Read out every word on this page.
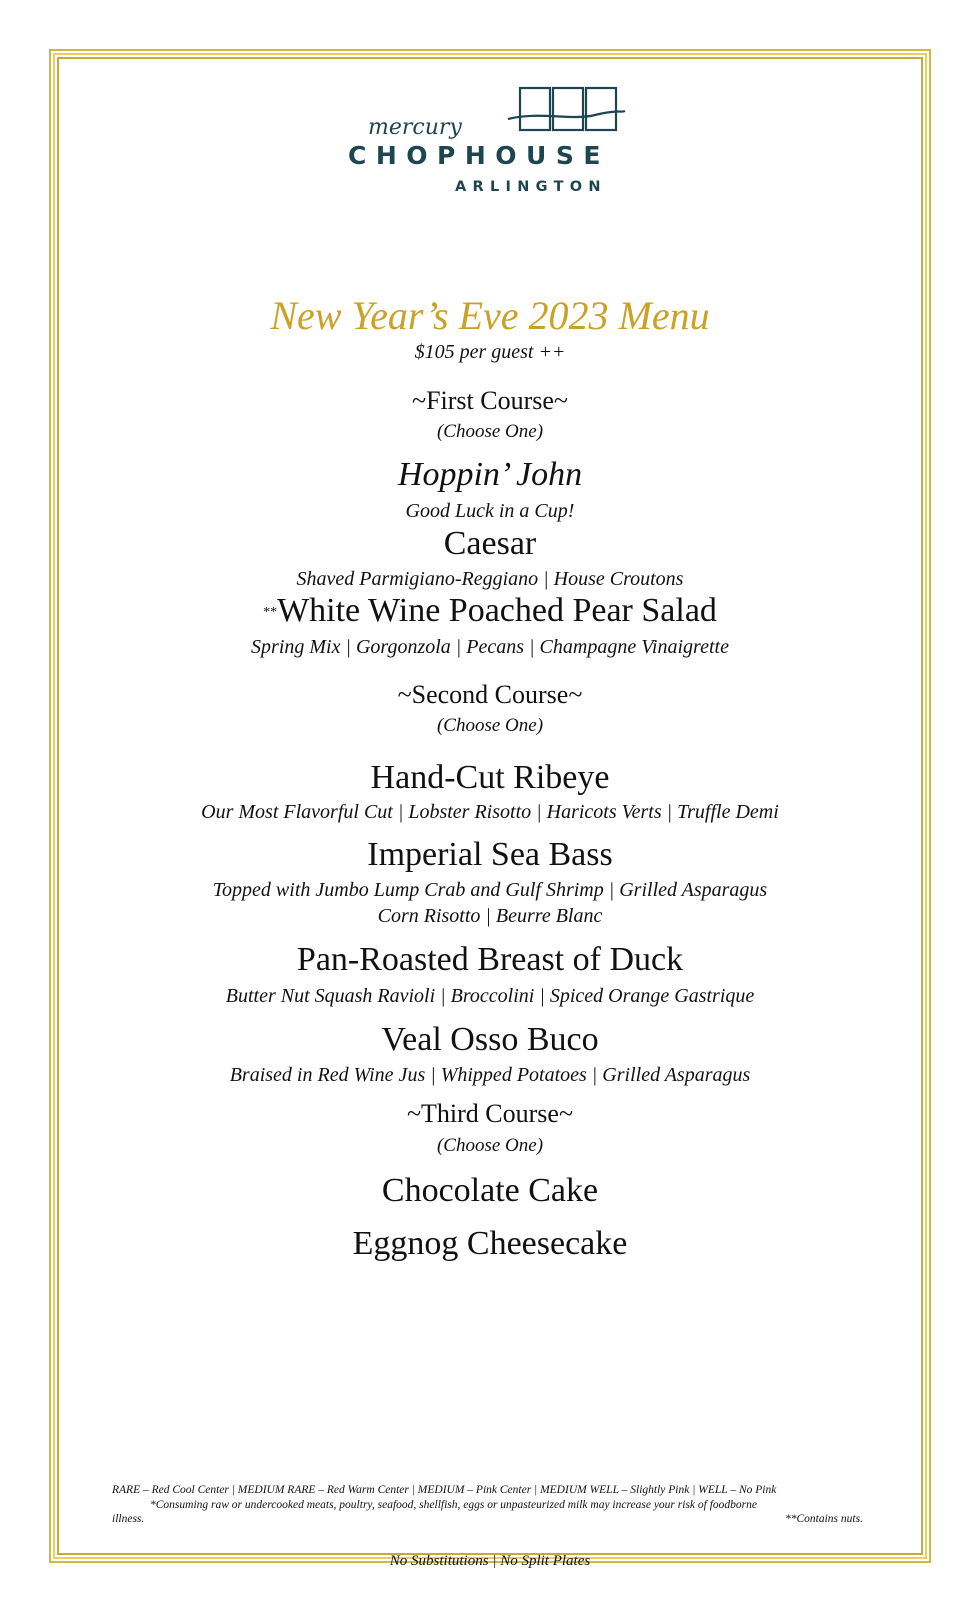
mercury
CHOPHOUSE
ARLINGTON
New Year’s Eve 2023 Menu
$105 per guest ++
~First Course~
(Choose One)
Hoppin’ John
Good Luck in a Cup!
Caesar
Shaved Parmigiano-Reggiano | House Croutons
**White Wine Poached Pear Salad
Spring Mix | Gorgonzola | Pecans | Champagne Vinaigrette
~Second Course~
(Choose One)
Hand-Cut Ribeye
Our Most Flavorful Cut | Lobster Risotto | Haricots Verts | Truffle Demi
Imperial Sea Bass
Topped with Jumbo Lump Crab and Gulf Shrimp | Grilled Asparagus
Corn Risotto | Beurre Blanc
Pan-Roasted Breast of Duck
Butter Nut Squash Ravioli | Broccolini | Spiced Orange Gastrique
Veal Osso Buco
Braised in Red Wine Jus | Whipped Potatoes | Grilled Asparagus
~Third Course~
(Choose One)
Chocolate Cake
Eggnog Cheesecake
RARE – Red Cool Center | MEDIUM RARE – Red Warm Center | MEDIUM – Pink Center | MEDIUM WELL – Slightly Pink | WELL – No Pink
*Consuming raw or undercooked meats, poultry, seafood, shellfish, eggs or unpasteurized milk may increase your risk of foodborne
illness.	**Contains nuts.
No Substitutions | No Split Plates
